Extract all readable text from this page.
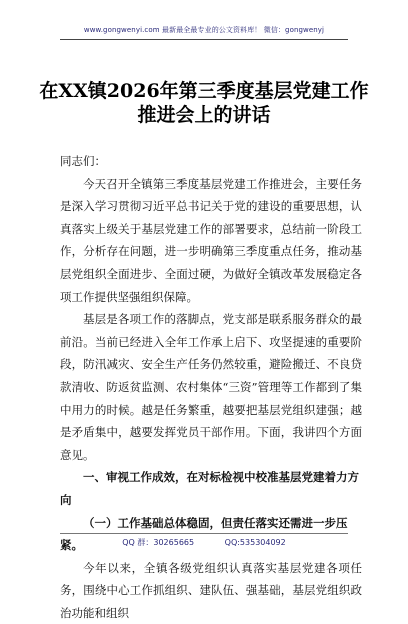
www.gongwenyi.com 最新最全最专业的公文资料库！ 微信：gongwenyj
在XX镇2026年第三季度基层党建工作
推进会上的讲话

同志们：

今天召开全镇第三季度基层党建工作推进会，主要任务是深入学习贯彻习近平总书记关于党的建设的重要思想，认真落实上级关于基层党建工作的部署要求，总结前一阶段工作，分析存在问题，进一步明确第三季度重点任务，推动基层党组织全面进步、全面过硬，为做好全镇改革发展稳定各项工作提供坚强组织保障。

基层是各项工作的落脚点，党支部是联系服务群众的最前沿。当前已经进入全年工作承上启下、攻坚提速的重要阶段，防汛减灾、安全生产任务仍然较重，避险搬迁、不良贷款清收、防返贫监测、农村集体“三资”管理等工作都到了集中用力的时候。越是任务繁重，越要把基层党组织建强；越是矛盾集中，越要发挥党员干部作用。下面，我讲四个方面意见。

一、审视工作成效，在对标检视中校准基层党建着力方向

（一）工作基础总体稳固，但责任落实还需进一步压紧。

今年以来，全镇各级党组织认真落实基层党建各项任务，围绕中心工作抓组织、建队伍、强基础，基层党组织政治功能和组织

QQ 群：30265665	QQ:535304092
